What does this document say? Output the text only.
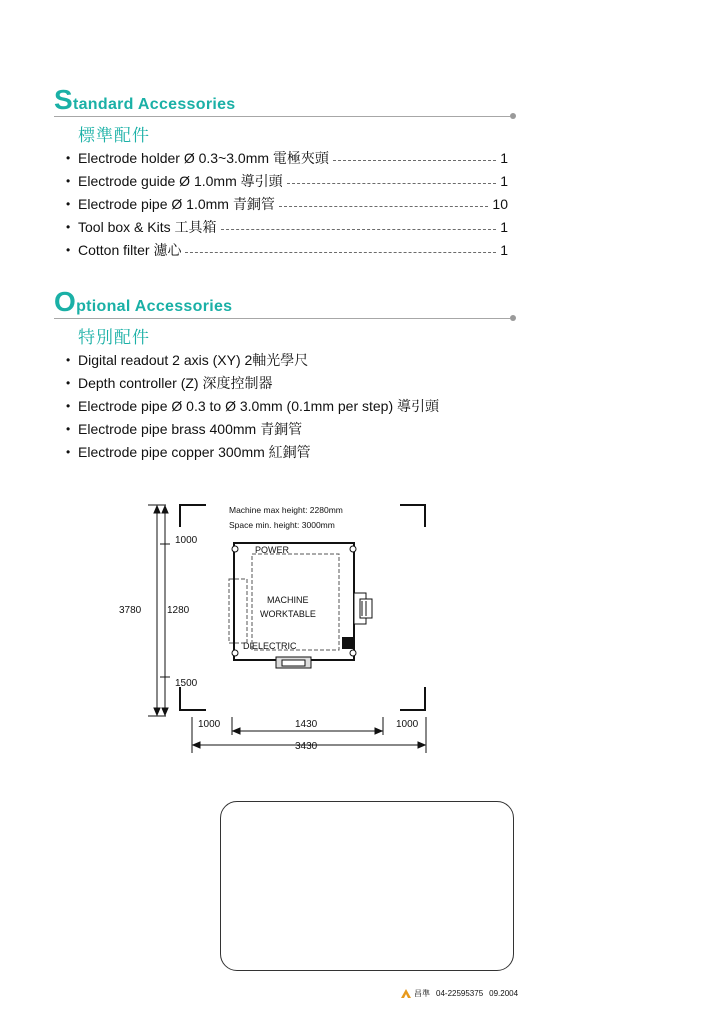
Standard Accessories
標準配件
• Electrode holder Ø 0.3~3.0mm 電極夾頭	1
• Electrode guide Ø 1.0mm 導引頭	1
• Electrode pipe Ø 1.0mm 青銅管	10
• Tool box & Kits 工具箱	1
• Cotton filter 濾心	1
Optional Accessories
特別配件
• Digital readout 2 axis (XY) 2軸光學尺
• Depth controller (Z) 深度控制器
• Electrode pipe Ø 0.3 to Ø 3.0mm (0.1mm per step) 導引頭
• Electrode pipe brass 400mm 青銅管
• Electrode pipe copper 300mm 紅銅管
Machine max height: 2280mm
Space min. height: 3000mm
3780	1280
1000
1500
POWER
MACHINE
WORKTABLE
DIELECTRIC
1000	1430	1000
3430
昌準 04-22595375 09.2004
